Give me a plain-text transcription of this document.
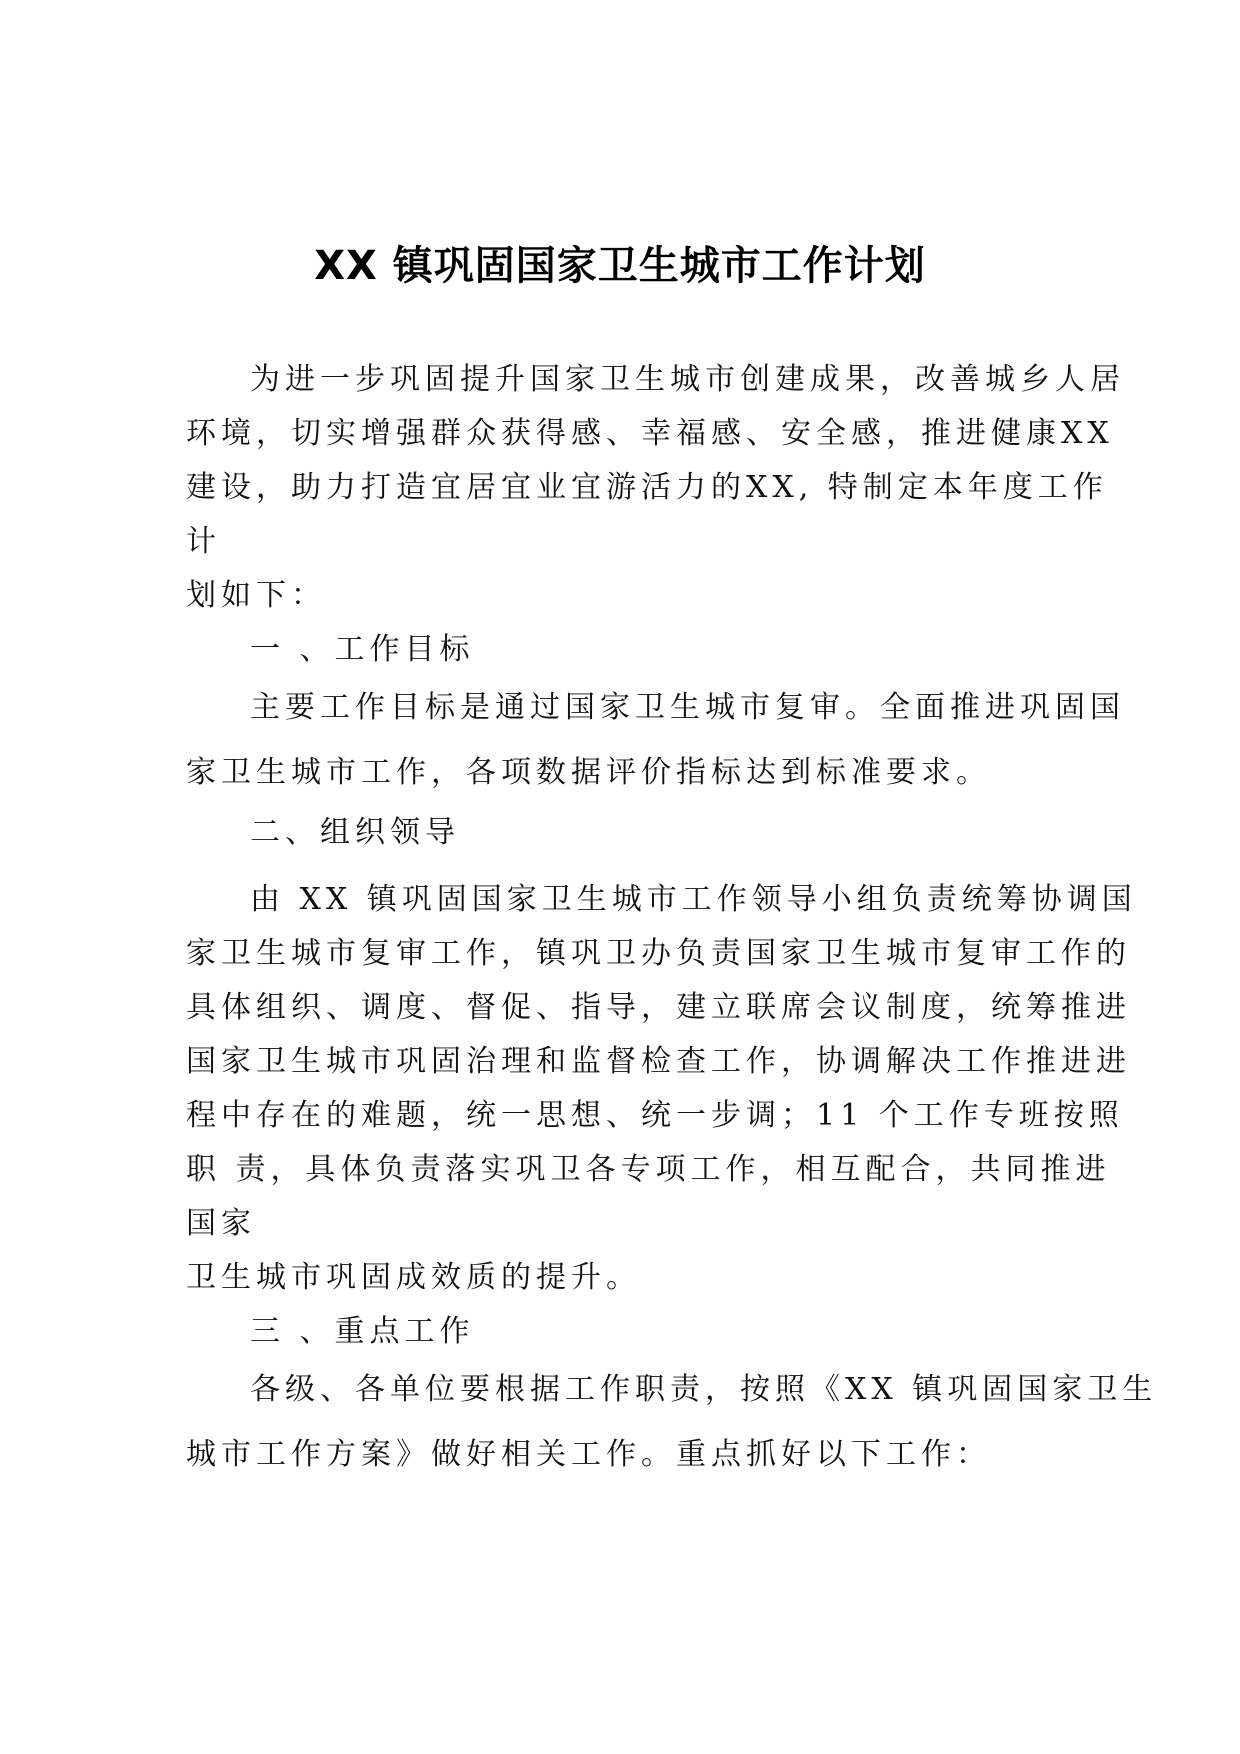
XX 镇巩固国家卫生城市工作计划
为进一步巩固提升国家卫生城市创建成果，改善城乡人居
环境，切实增强群众获得感、幸福感、安全感，推进健康XX
建设，助力打造宜居宜业宜游活力的XX, 特制定本年度工作
计
划如下：
一 、工作目标
主要工作目标是通过国家卫生城市复审。全面推进巩固国
家卫生城市工作，各项数据评价指标达到标准要求。
二、组织领导
由 XX 镇巩固国家卫生城市工作领导小组负责统筹协调国
家卫生城市复审工作，镇巩卫办负责国家卫生城市复审工作的
具体组织、调度、督促、指导，建立联席会议制度，统筹推进
国家卫生城市巩固治理和监督检查工作，协调解决工作推进进
程中存在的难题，统一思想、统一步调；11 个工作专班按照
职 责，具体负责落实巩卫各专项工作，相互配合，共同推进
国家
卫生城市巩固成效质的提升。
三 、重点工作
各级、各单位要根据工作职责，按照《XX 镇巩固国家卫生
城市工作方案》做好相关工作。重点抓好以下工作：
